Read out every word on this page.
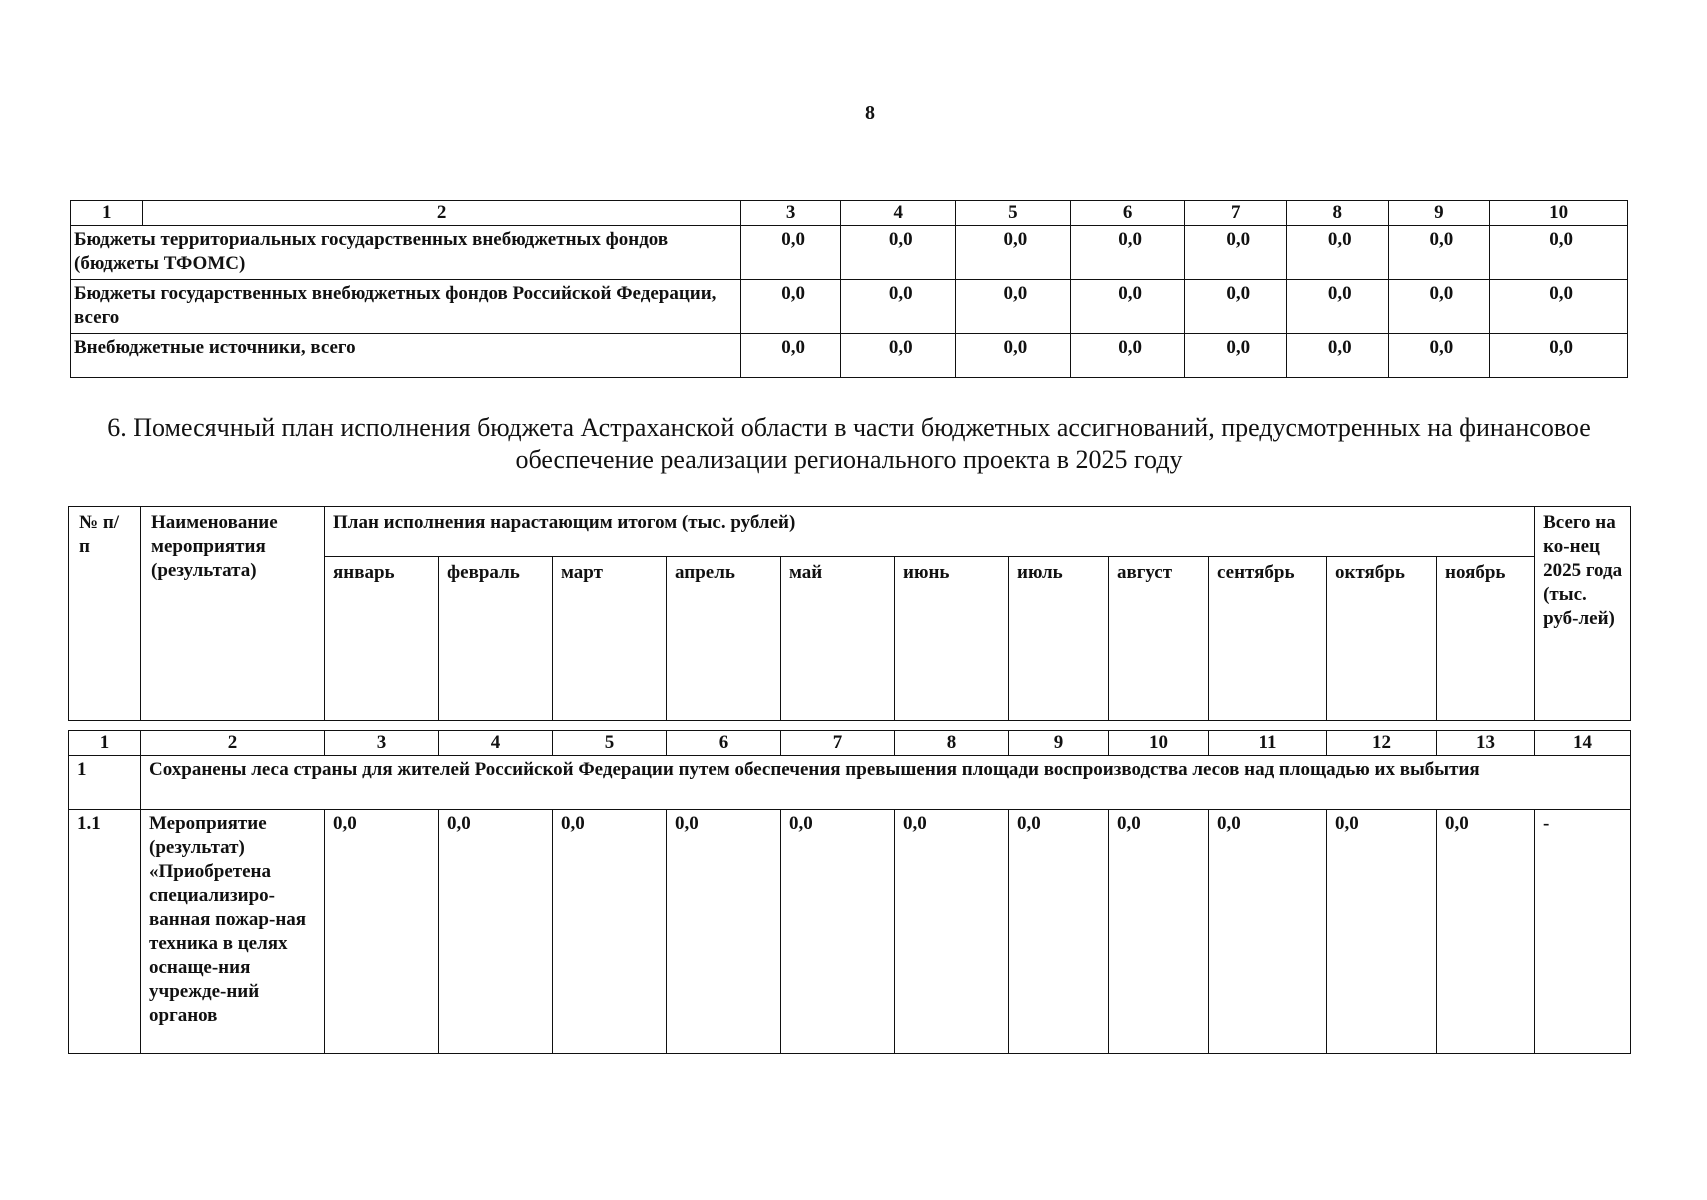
8
1	2	3	4	5	6	7	8	9	10
Бюджеты территориальных государственных внебюджетных фондов (бюджеты ТФОМС)		0,0	0,0	0,0	0,0	0,0	0,0	0,0	0,0
Бюджеты государственных внебюджетных фондов Российской Федерации, всего		0,0	0,0	0,0	0,0	0,0	0,0	0,0	0,0
Внебюджетные источники, всего		0,0	0,0	0,0	0,0	0,0	0,0	0,0	0,0
6. Помесячный план исполнения бюджета Астраханской области в части бюджетных ассигнований, предусмотренных на финансовое обеспечение реализации регионального проекта в 2025 году
№ п/п	Наименование мероприятия (результата)	План исполнения нарастающим итогом (тыс. рублей)											Всего на ко-нец 2025 года (тыс. руб-лей)
		январь	февраль	март	апрель	май	июнь	июль	август	сентябрь	октябрь	ноябрь	
1	2	3	4	5	6	7	8	9	10	11	12	13	14
1	Сохранены леса страны для жителей Российской Федерации путем обеспечения превышения площади воспроизводства лесов над площадью их выбытия												
1.1	Мероприятие (результат) «Приобретена специализиро-ванная пожар-ная техника в целях оснаще-ния учрежде-ний органов	0,0	0,0	0,0	0,0	0,0	0,0	0,0	0,0	0,0	0,0	0,0	-
